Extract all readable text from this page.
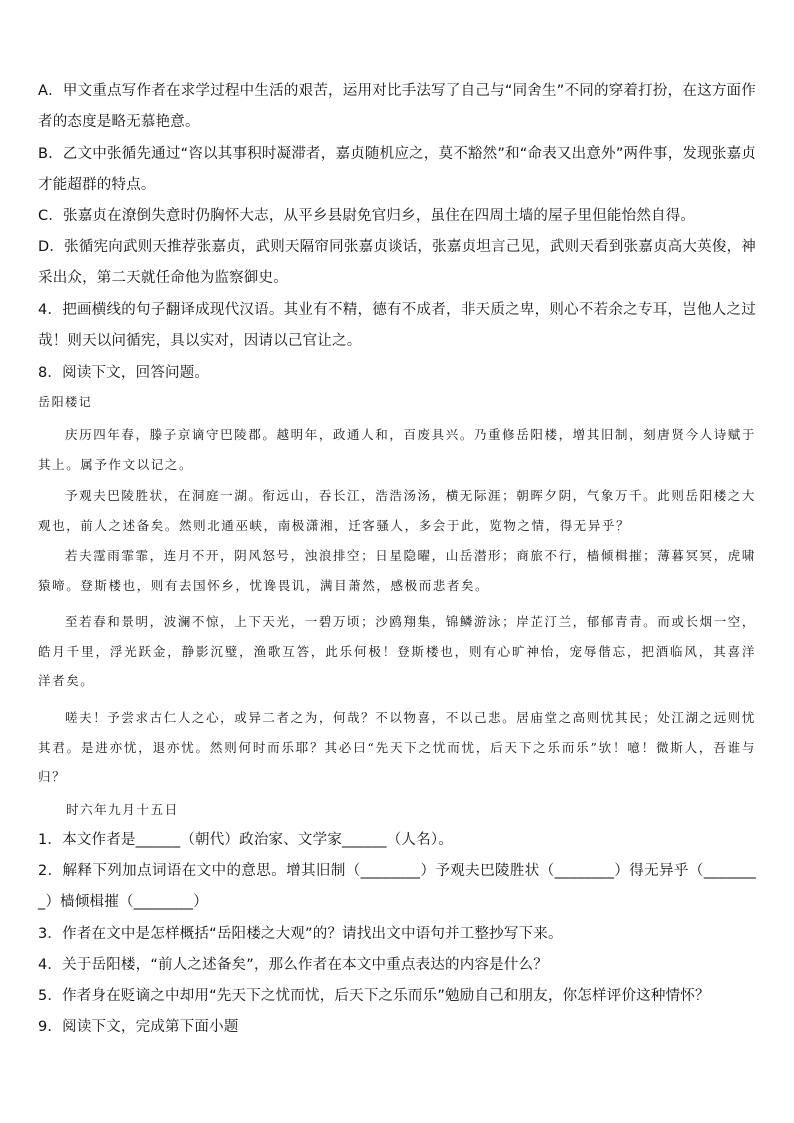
A．甲文重点写作者在求学过程中生活的艰苦，运用对比手法写了自己与“同舍生”不同的穿着打扮，在这方面作者的态度是略无慕艳意。

B．乙文中张循先通过“咨以其事积时凝滞者，嘉贞随机应之，莫不豁然”和“命表又出意外”两件事，发现张嘉贞才能超群的特点。

C．张嘉贞在潦倒失意时仍胸怀大志，从平乡县尉免官归乡，虽住在四周土墙的屋子里但能怡然自得。

D．张循宪向武则天推荐张嘉贞，武则天隔帘同张嘉贞谈话，张嘉贞坦言己见，武则天看到张嘉贞高大英俊，神采出众，第二天就任命他为监察御史。

4．把画横线的句子翻译成现代汉语。其业有不精，德有不成者，非天质之卑，则心不若余之专耳，岂他人之过哉！则天以问循宪，具以实对，因请以己官让之。

8．阅读下文，回答问题。

岳阳楼记

庆历四年春，滕子京谪守巴陵郡。越明年，政通人和，百废具兴。乃重修岳阳楼，增其旧制，刻唐贤今人诗赋于其上。属予作文以记之。

予观夫巴陵胜状，在洞庭一湖。衔远山，吞长江，浩浩汤汤，横无际涯；朝晖夕阴，气象万千。此则岳阳楼之大观也，前人之述备矣。然则北通巫峡，南极潇湘，迁客骚人，多会于此，览物之情，得无异乎？

若夫霪雨霏霏，连月不开，阴风怒号，浊浪排空；日星隐曜，山岳潜形；商旅不行，樯倾楫摧；薄暮冥冥，虎啸猿啼。登斯楼也，则有去国怀乡，忧谗畏讥，满目萧然，感极而悲者矣。

至若春和景明，波澜不惊，上下天光，一碧万顷；沙鸥翔集，锦鳞游泳；岸芷汀兰，郁郁青青。而或长烟一空，皓月千里，浮光跃金，静影沉璧，渔歌互答，此乐何极！登斯楼也，则有心旷神怡，宠辱偕忘，把酒临风，其喜洋洋者矣。

嗟夫！予尝求古仁人之心，或异二者之为，何哉？不以物喜，不以己悲。居庙堂之高则忧其民；处江湖之远则忧其君。是进亦忧，退亦忧。然则何时而乐耶？其必曰“先天下之忧而忧，后天下之乐而乐”欤！噫！微斯人，吾谁与归？

时六年九月十五日

1．本文作者是______（朝代）政治家、文学家______（人名）。

2．解释下列加点词语在文中的意思。增其旧制（________）予观夫巴陵胜状（________）得无异乎（________）樯倾楫摧（________）

3．作者在文中是怎样概括“岳阳楼之大观”的？请找出文中语句并工整抄写下来。

4．关于岳阳楼，“前人之述备矣”，那么作者在本文中重点表达的内容是什么？

5．作者身在贬谪之中却用“先天下之忧而忧，后天下之乐而乐”勉励自己和朋友，你怎样评价这种情怀？

9．阅读下文，完成第下面小题
